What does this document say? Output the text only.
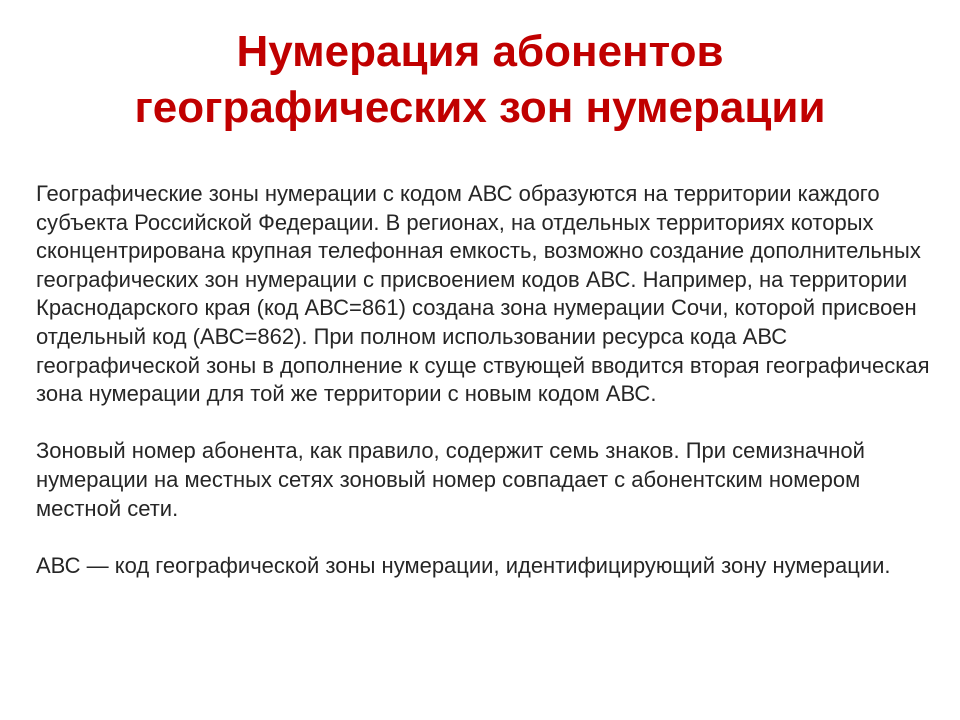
Нумерация абонентов
географических зон нумерации

Географические зоны нумерации с кодом АВС образуются на территории каждого субъекта Российской Федерации. В регионах, на отдельных территориях которых сконцентрирована крупная телефонная емкость, возможно создание дополнительных географических зон нумерации с присвоением кодов АВС. Например, на территории Краснодарского края (код АВС=861) создана зона нумерации Сочи, которой присвоен отдельный код (АВС=862). При полном использовании ресурса кода АВС географической зоны в дополнение к суще ствующей вводится вторая географическая зона нумерации для той же территории с новым кодом АВС.

Зоновый номер абонента, как правило, содержит семь знаков. При семизначной нумерации на местных сетях зоновый номер совпадает с абонентским номером местной сети.

АВС — код географической зоны нумерации, идентифицирующий зону нумерации.
